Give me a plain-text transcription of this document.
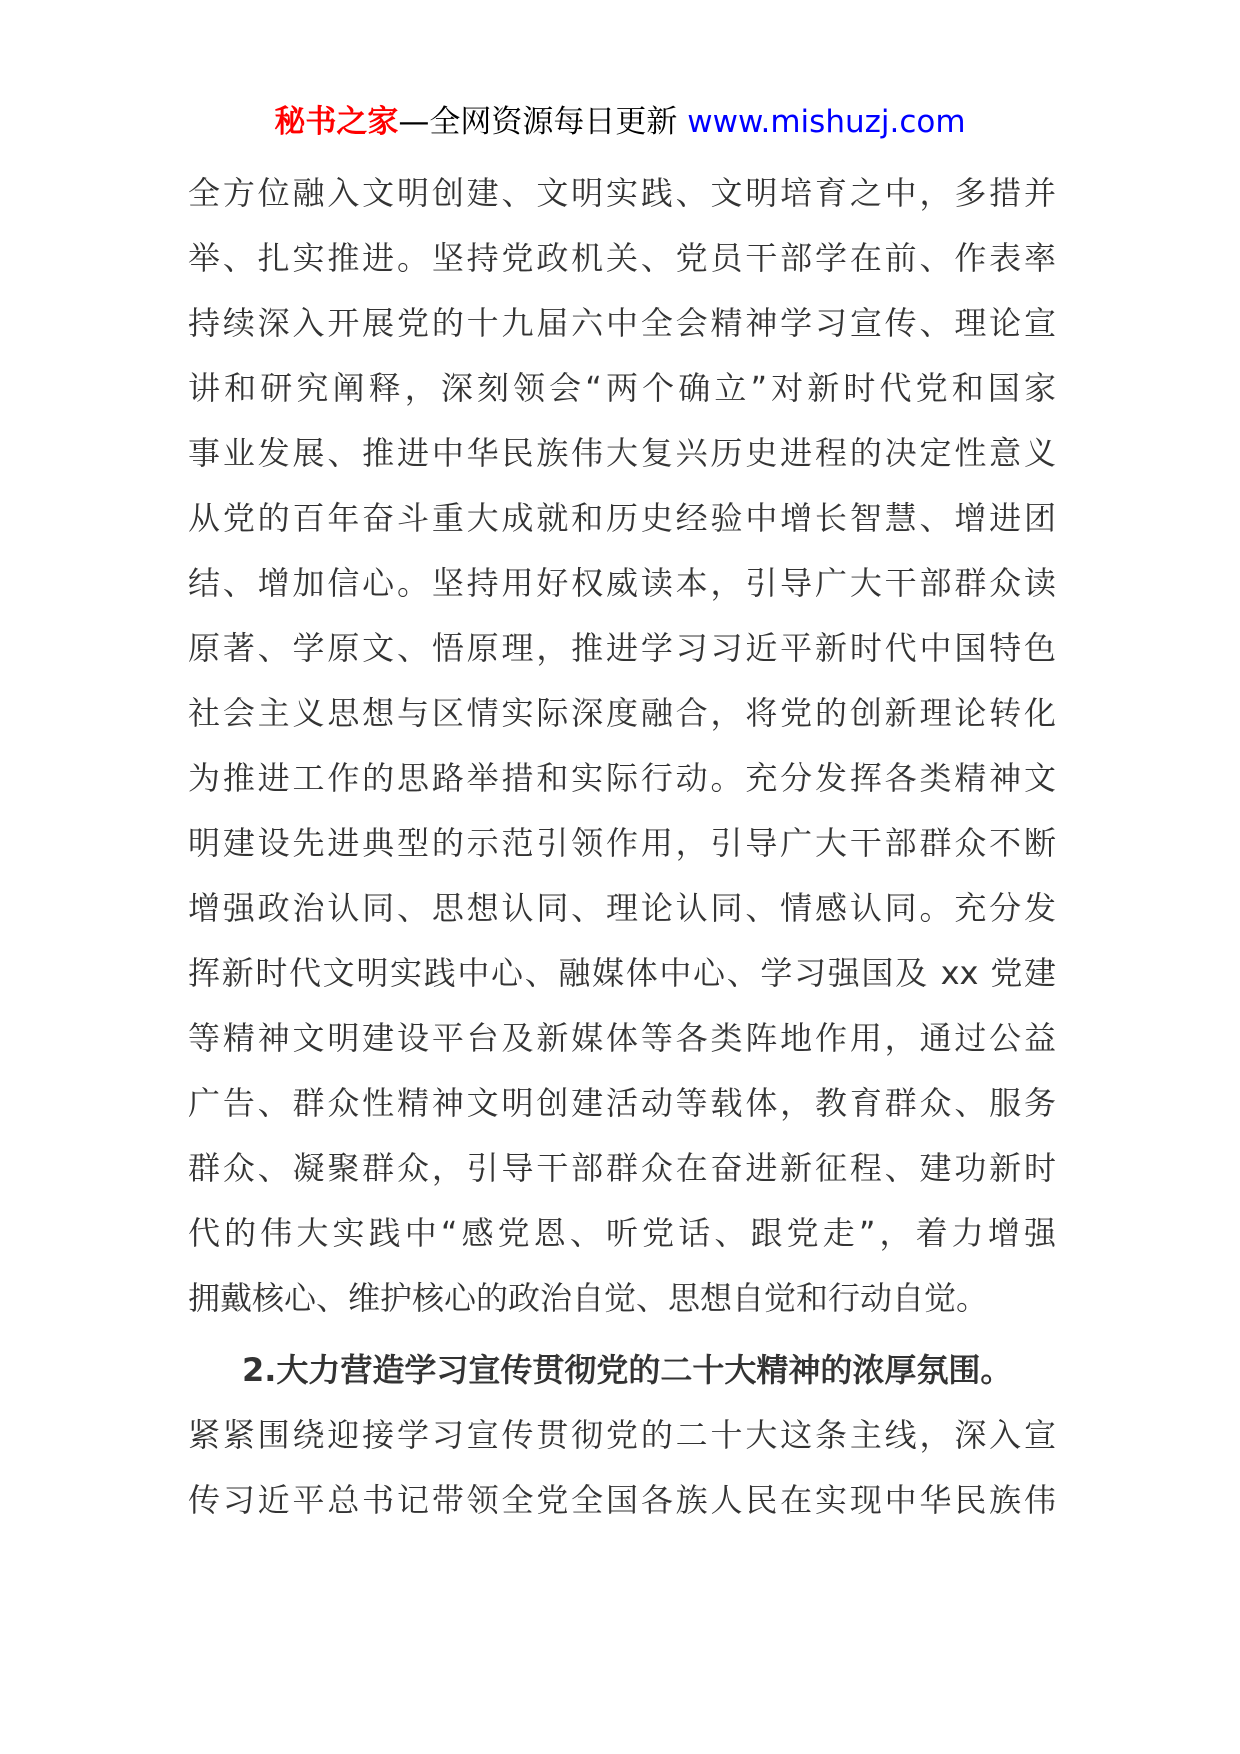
秘书之家—全网资源每日更新 www.mishuzj.com
全方位融入文明创建、文明实践、文明培育之中，多措并
举、扎实推进。坚持党政机关、党员干部学在前、作表率
持续深入开展党的十九届六中全会精神学习宣传、理论宣
讲和研究阐释，深刻领会“两个确立”对新时代党和国家
事业发展、推进中华民族伟大复兴历史进程的决定性意义
从党的百年奋斗重大成就和历史经验中增长智慧、增进团
结、增加信心。坚持用好权威读本，引导广大干部群众读
原著、学原文、悟原理，推进学习习近平新时代中国特色
社会主义思想与区情实际深度融合，将党的创新理论转化
为推进工作的思路举措和实际行动。充分发挥各类精神文
明建设先进典型的示范引领作用，引导广大干部群众不断
增强政治认同、思想认同、理论认同、情感认同。充分发
挥新时代文明实践中心、融媒体中心、学习强国及 xx 党建
等精神文明建设平台及新媒体等各类阵地作用，通过公益
广告、群众性精神文明创建活动等载体，教育群众、服务
群众、凝聚群众，引导干部群众在奋进新征程、建功新时
代的伟大实践中“感党恩、听党话、跟党走”，着力增强
拥戴核心、维护核心的政治自觉、思想自觉和行动自觉。
2.大力营造学习宣传贯彻党的二十大精神的浓厚氛围。
紧紧围绕迎接学习宣传贯彻党的二十大这条主线，深入宣
传习近平总书记带领全党全国各族人民在实现中华民族伟
